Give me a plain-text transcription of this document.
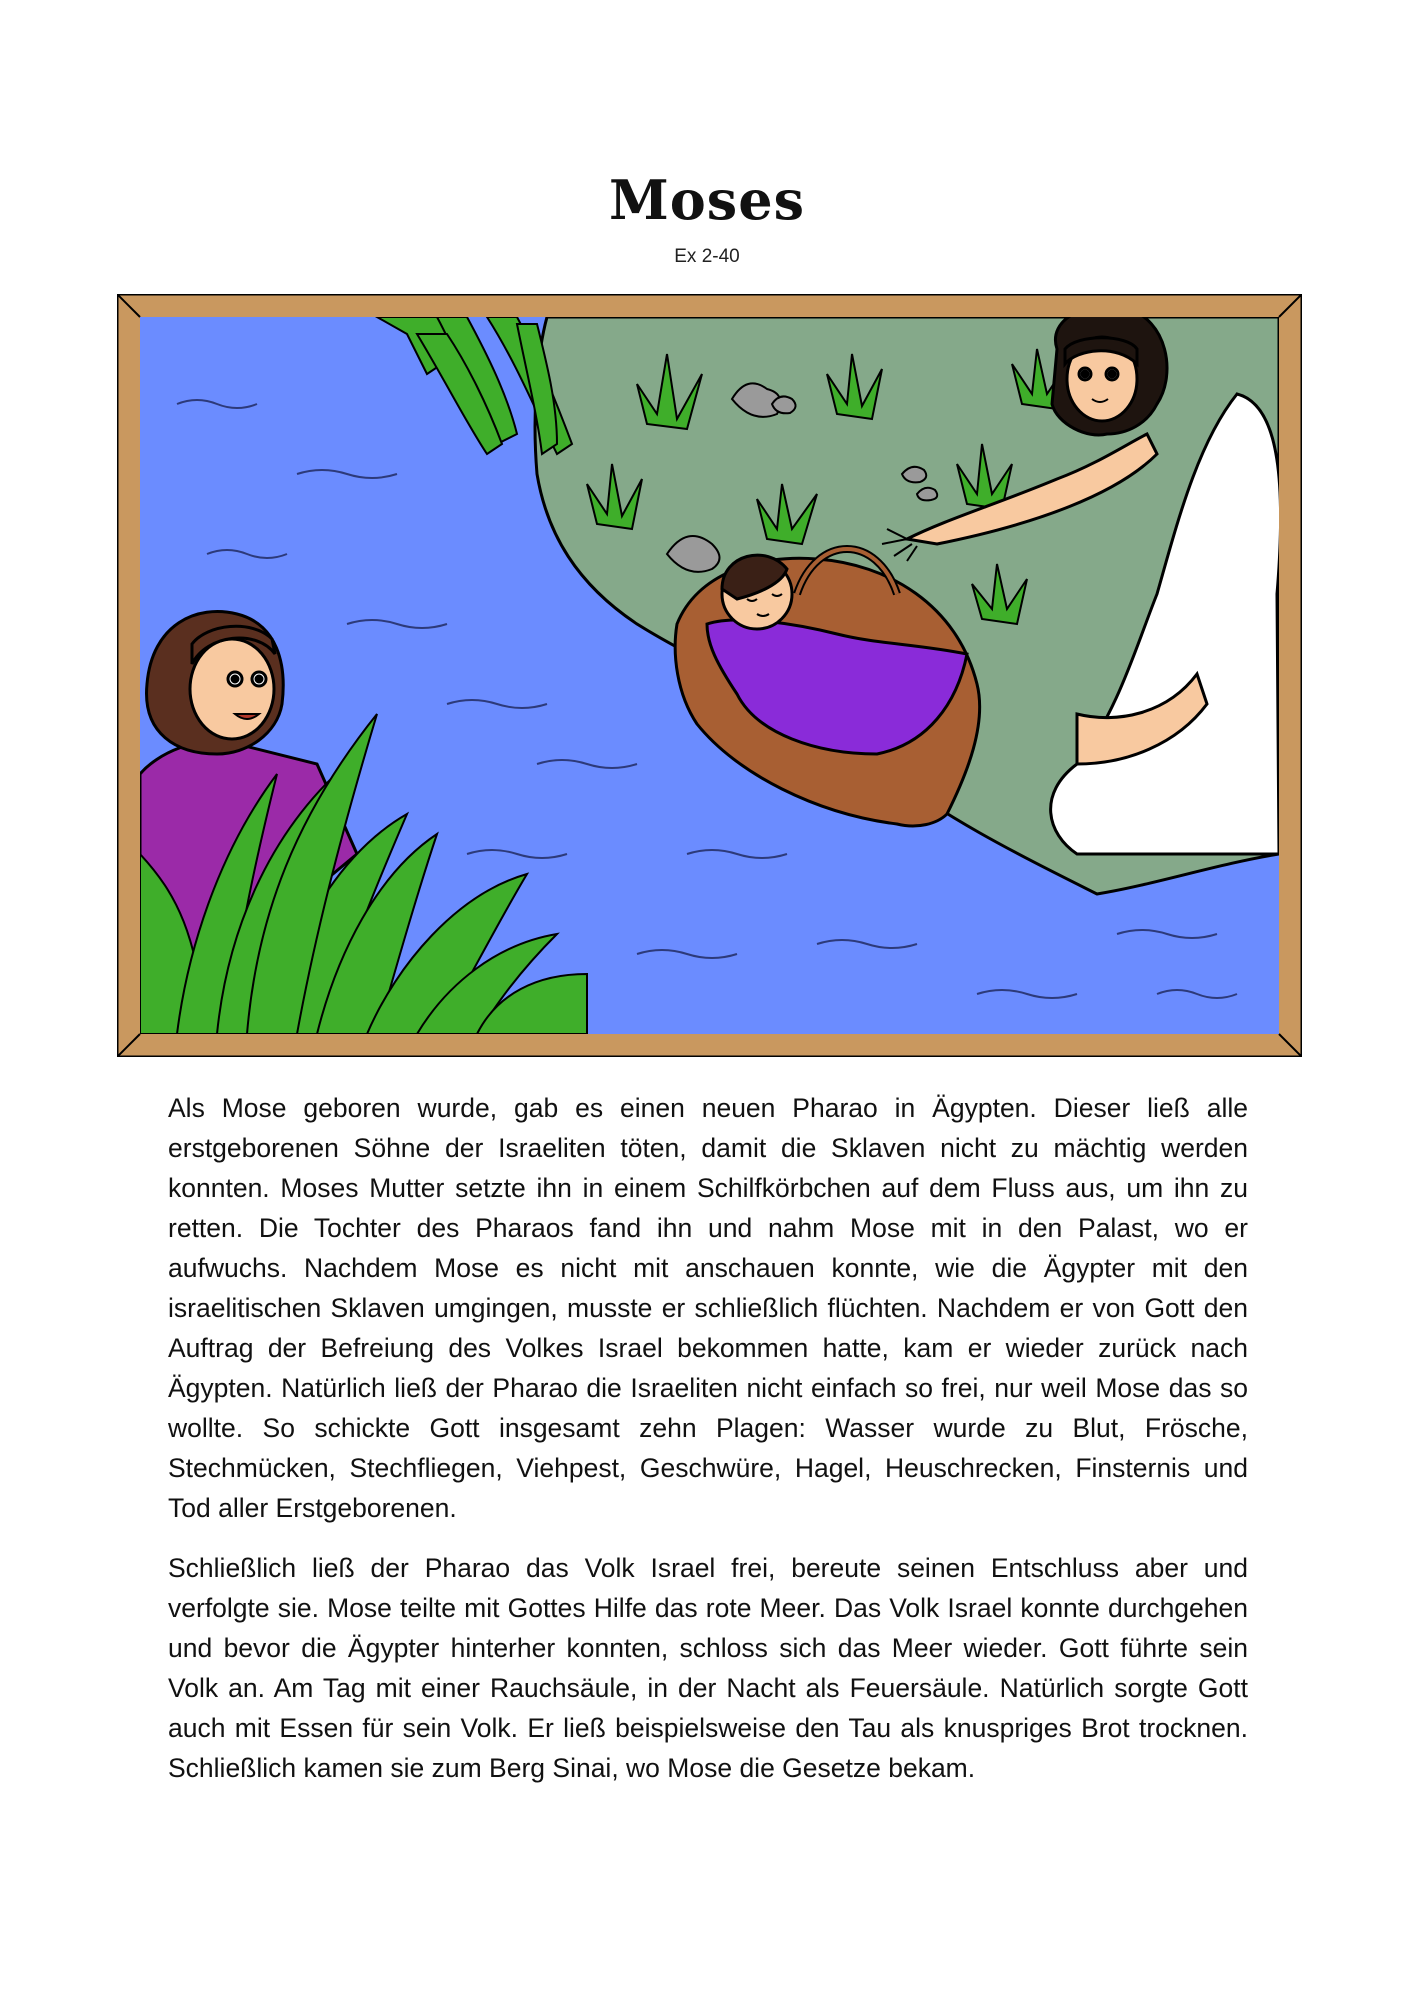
Moses
Ex 2-40

Als Mose geboren wurde, gab es einen neuen Pharao in Ägypten. Dieser ließ alle erstgeborenen Söhne der Israeliten töten, damit die Sklaven nicht zu mächtig werden konnten. Moses Mutter setzte ihn in einem Schilfkörbchen auf dem Fluss aus, um ihn zu retten. Die Tochter des Pharaos fand ihn und nahm Mose mit in den Palast, wo er aufwuchs. Nachdem Mose es nicht mit anschauen konnte, wie die Ägypter mit den israelitischen Sklaven umgingen, musste er schließlich flüchten. Nachdem er von Gott den Auftrag der Befreiung des Volkes Israel bekommen hatte, kam er wieder zurück nach Ägypten. Natürlich ließ der Pharao die Israeliten nicht einfach so frei, nur weil Mose das so wollte. So schickte Gott insgesamt zehn Plagen: Wasser wurde zu Blut, Frösche, Stechmücken, Stechfliegen, Viehpest, Geschwüre, Hagel, Heuschrecken, Finsternis und Tod aller Erstgeborenen.

Schließlich ließ der Pharao das Volk Israel frei, bereute seinen Entschluss aber und verfolgte sie. Mose teilte mit Gottes Hilfe das rote Meer. Das Volk Israel konnte durchgehen und bevor die Ägypter hinterher konnten, schloss sich das Meer wieder. Gott führte sein Volk an. Am Tag mit einer Rauchsäule, in der Nacht als Feuersäule. Natürlich sorgte Gott auch mit Essen für sein Volk. Er ließ beispielsweise den Tau als knuspriges Brot trocknen. Schließlich kamen sie zum Berg Sinai, wo Mose die Gesetze bekam.
